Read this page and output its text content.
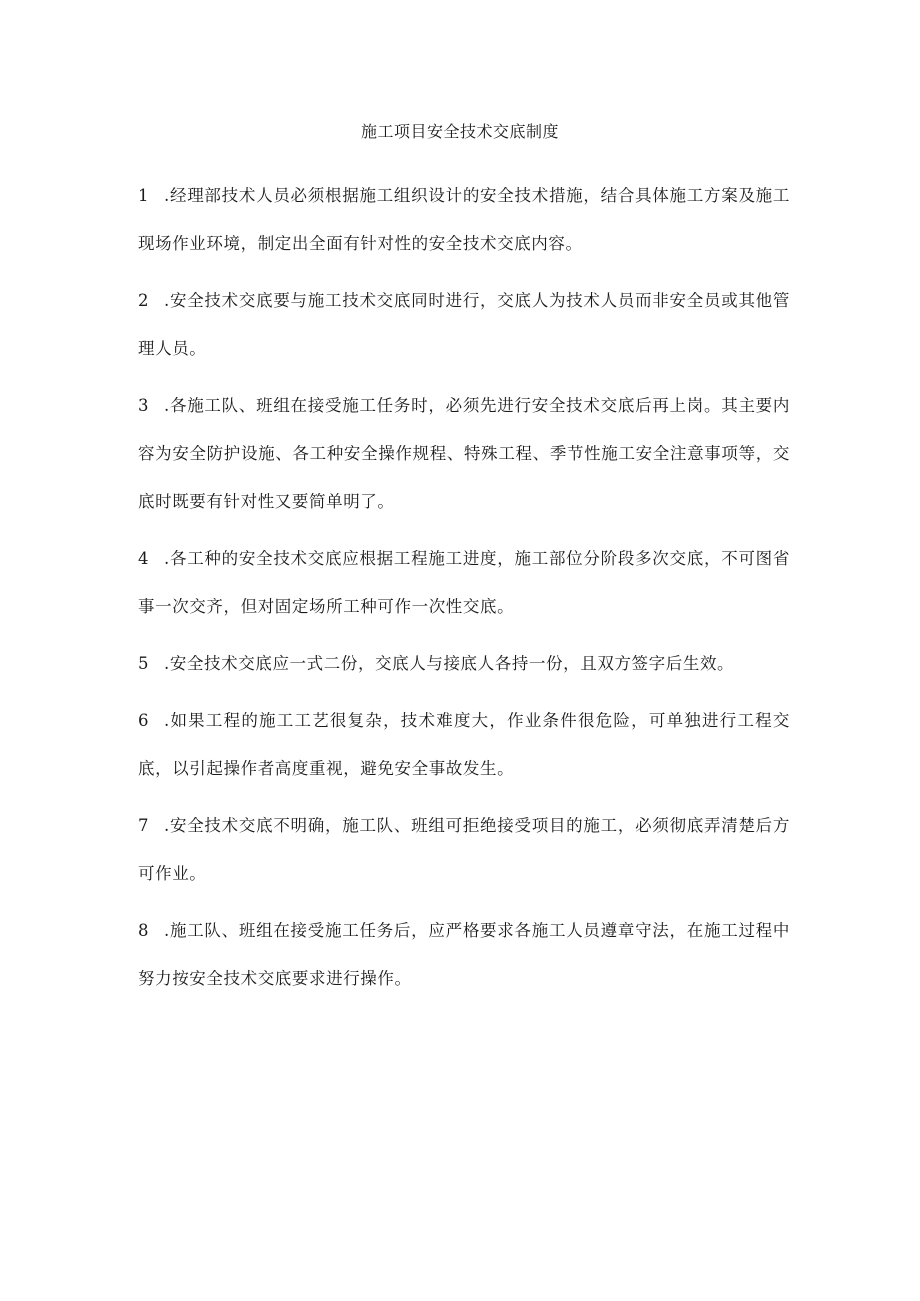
施工项目安全技术交底制度

1 .经理部技术人员必须根据施工组织设计的安全技术措施，结合具体施工方案及施工现场作业环境，制定出全面有针对性的安全技术交底内容。

2 .安全技术交底要与施工技术交底同时进行，交底人为技术人员而非安全员或其他管理人员。

3 .各施工队、班组在接受施工任务时，必须先进行安全技术交底后再上岗。其主要内容为安全防护设施、各工种安全操作规程、特殊工程、季节性施工安全注意事项等，交底时既要有针对性又要简单明了。

4 .各工种的安全技术交底应根据工程施工进度，施工部位分阶段多次交底，不可图省事一次交齐，但对固定场所工种可作一次性交底。

5 .安全技术交底应一式二份，交底人与接底人各持一份，且双方签字后生效。

6 .如果工程的施工工艺很复杂，技术难度大，作业条件很危险，可单独进行工程交底，以引起操作者高度重视，避免安全事故发生。

7 .安全技术交底不明确，施工队、班组可拒绝接受项目的施工，必须彻底弄清楚后方可作业。

8 .施工队、班组在接受施工任务后，应严格要求各施工人员遵章守法，在施工过程中努力按安全技术交底要求进行操作。
